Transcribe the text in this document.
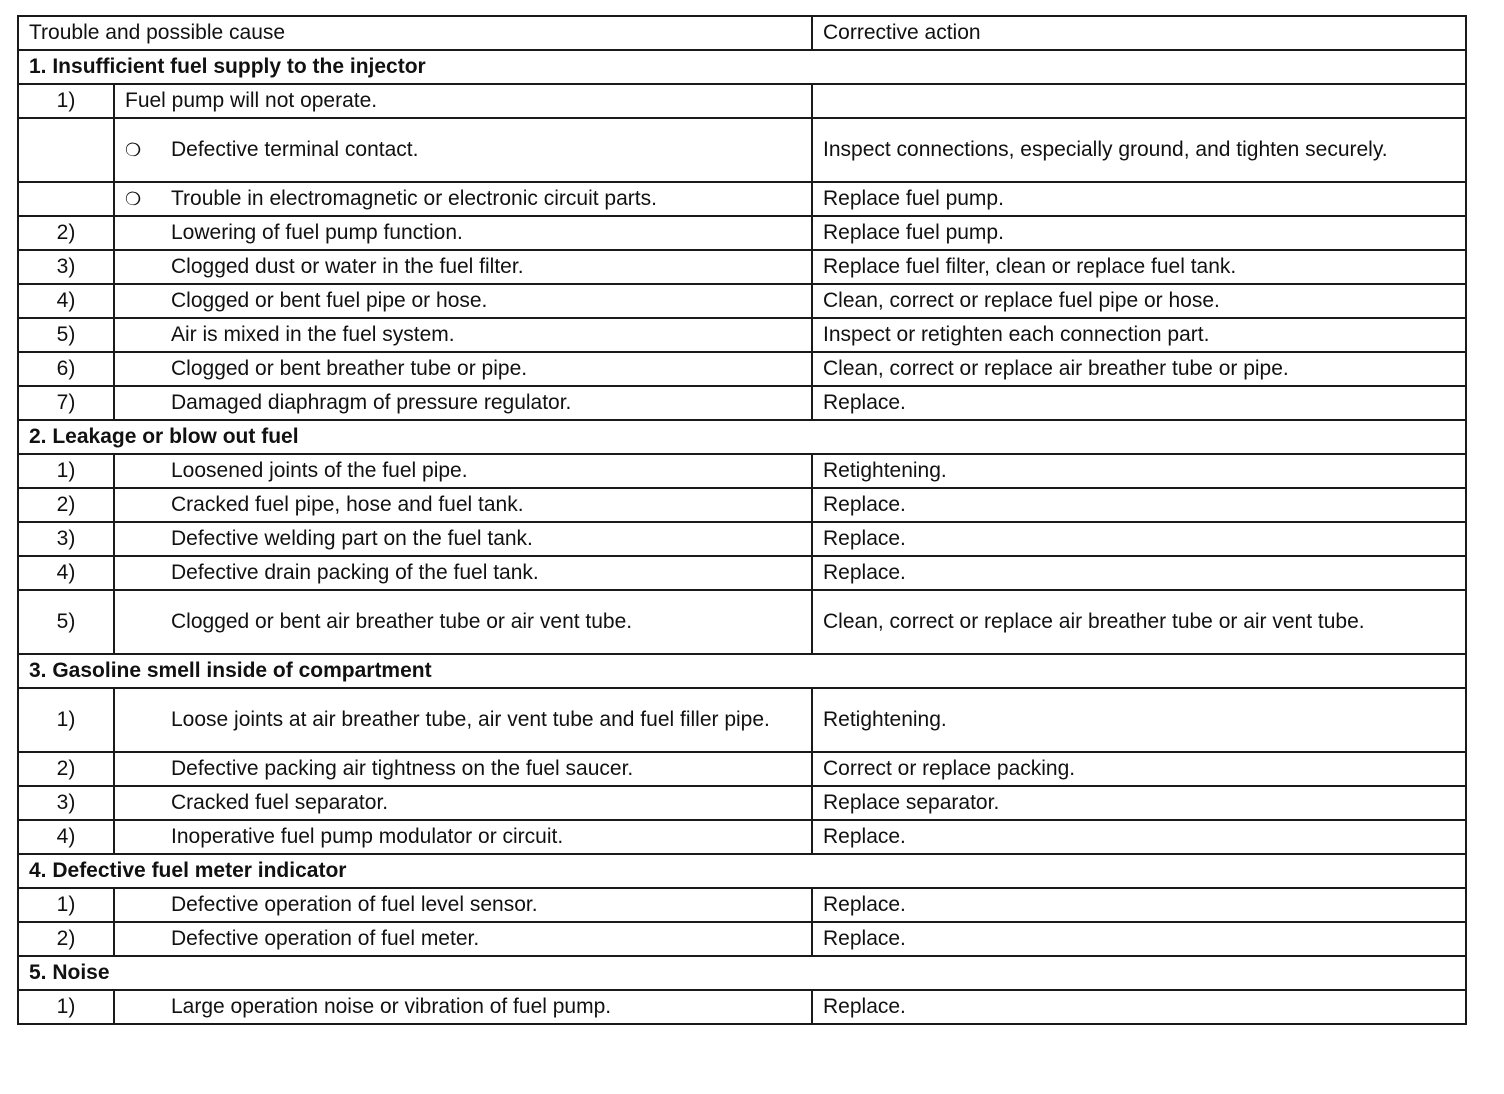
Trouble and possible cause		Corrective action
1. Insufficient fuel supply to the injector		
1)	Fuel pump will not operate.	
	❍ Defective terminal contact.	Inspect connections, especially ground, and tighten securely.
	❍ Trouble in electromagnetic or electronic circuit parts.	Replace fuel pump.
2)	Lowering of fuel pump function.	Replace fuel pump.
3)	Clogged dust or water in the fuel filter.	Replace fuel filter, clean or replace fuel tank.
4)	Clogged or bent fuel pipe or hose.	Clean, correct or replace fuel pipe or hose.
5)	Air is mixed in the fuel system.	Inspect or retighten each connection part.
6)	Clogged or bent breather tube or pipe.	Clean, correct or replace air breather tube or pipe.
7)	Damaged diaphragm of pressure regulator.	Replace.
2. Leakage or blow out fuel		
1)	Loosened joints of the fuel pipe.	Retightening.
2)	Cracked fuel pipe, hose and fuel tank.	Replace.
3)	Defective welding part on the fuel tank.	Replace.
4)	Defective drain packing of the fuel tank.	Replace.
5)	Clogged or bent air breather tube or air vent tube.	Clean, correct or replace air breather tube or air vent tube.
3. Gasoline smell inside of compartment		
1)	Loose joints at air breather tube, air vent tube and fuel filler pipe.	Retightening.
2)	Defective packing air tightness on the fuel saucer.	Correct or replace packing.
3)	Cracked fuel separator.	Replace separator.
4)	Inoperative fuel pump modulator or circuit.	Replace.
4. Defective fuel meter indicator		
1)	Defective operation of fuel level sensor.	Replace.
2)	Defective operation of fuel meter.	Replace.
5. Noise		
1)	Large operation noise or vibration of fuel pump.	Replace.
